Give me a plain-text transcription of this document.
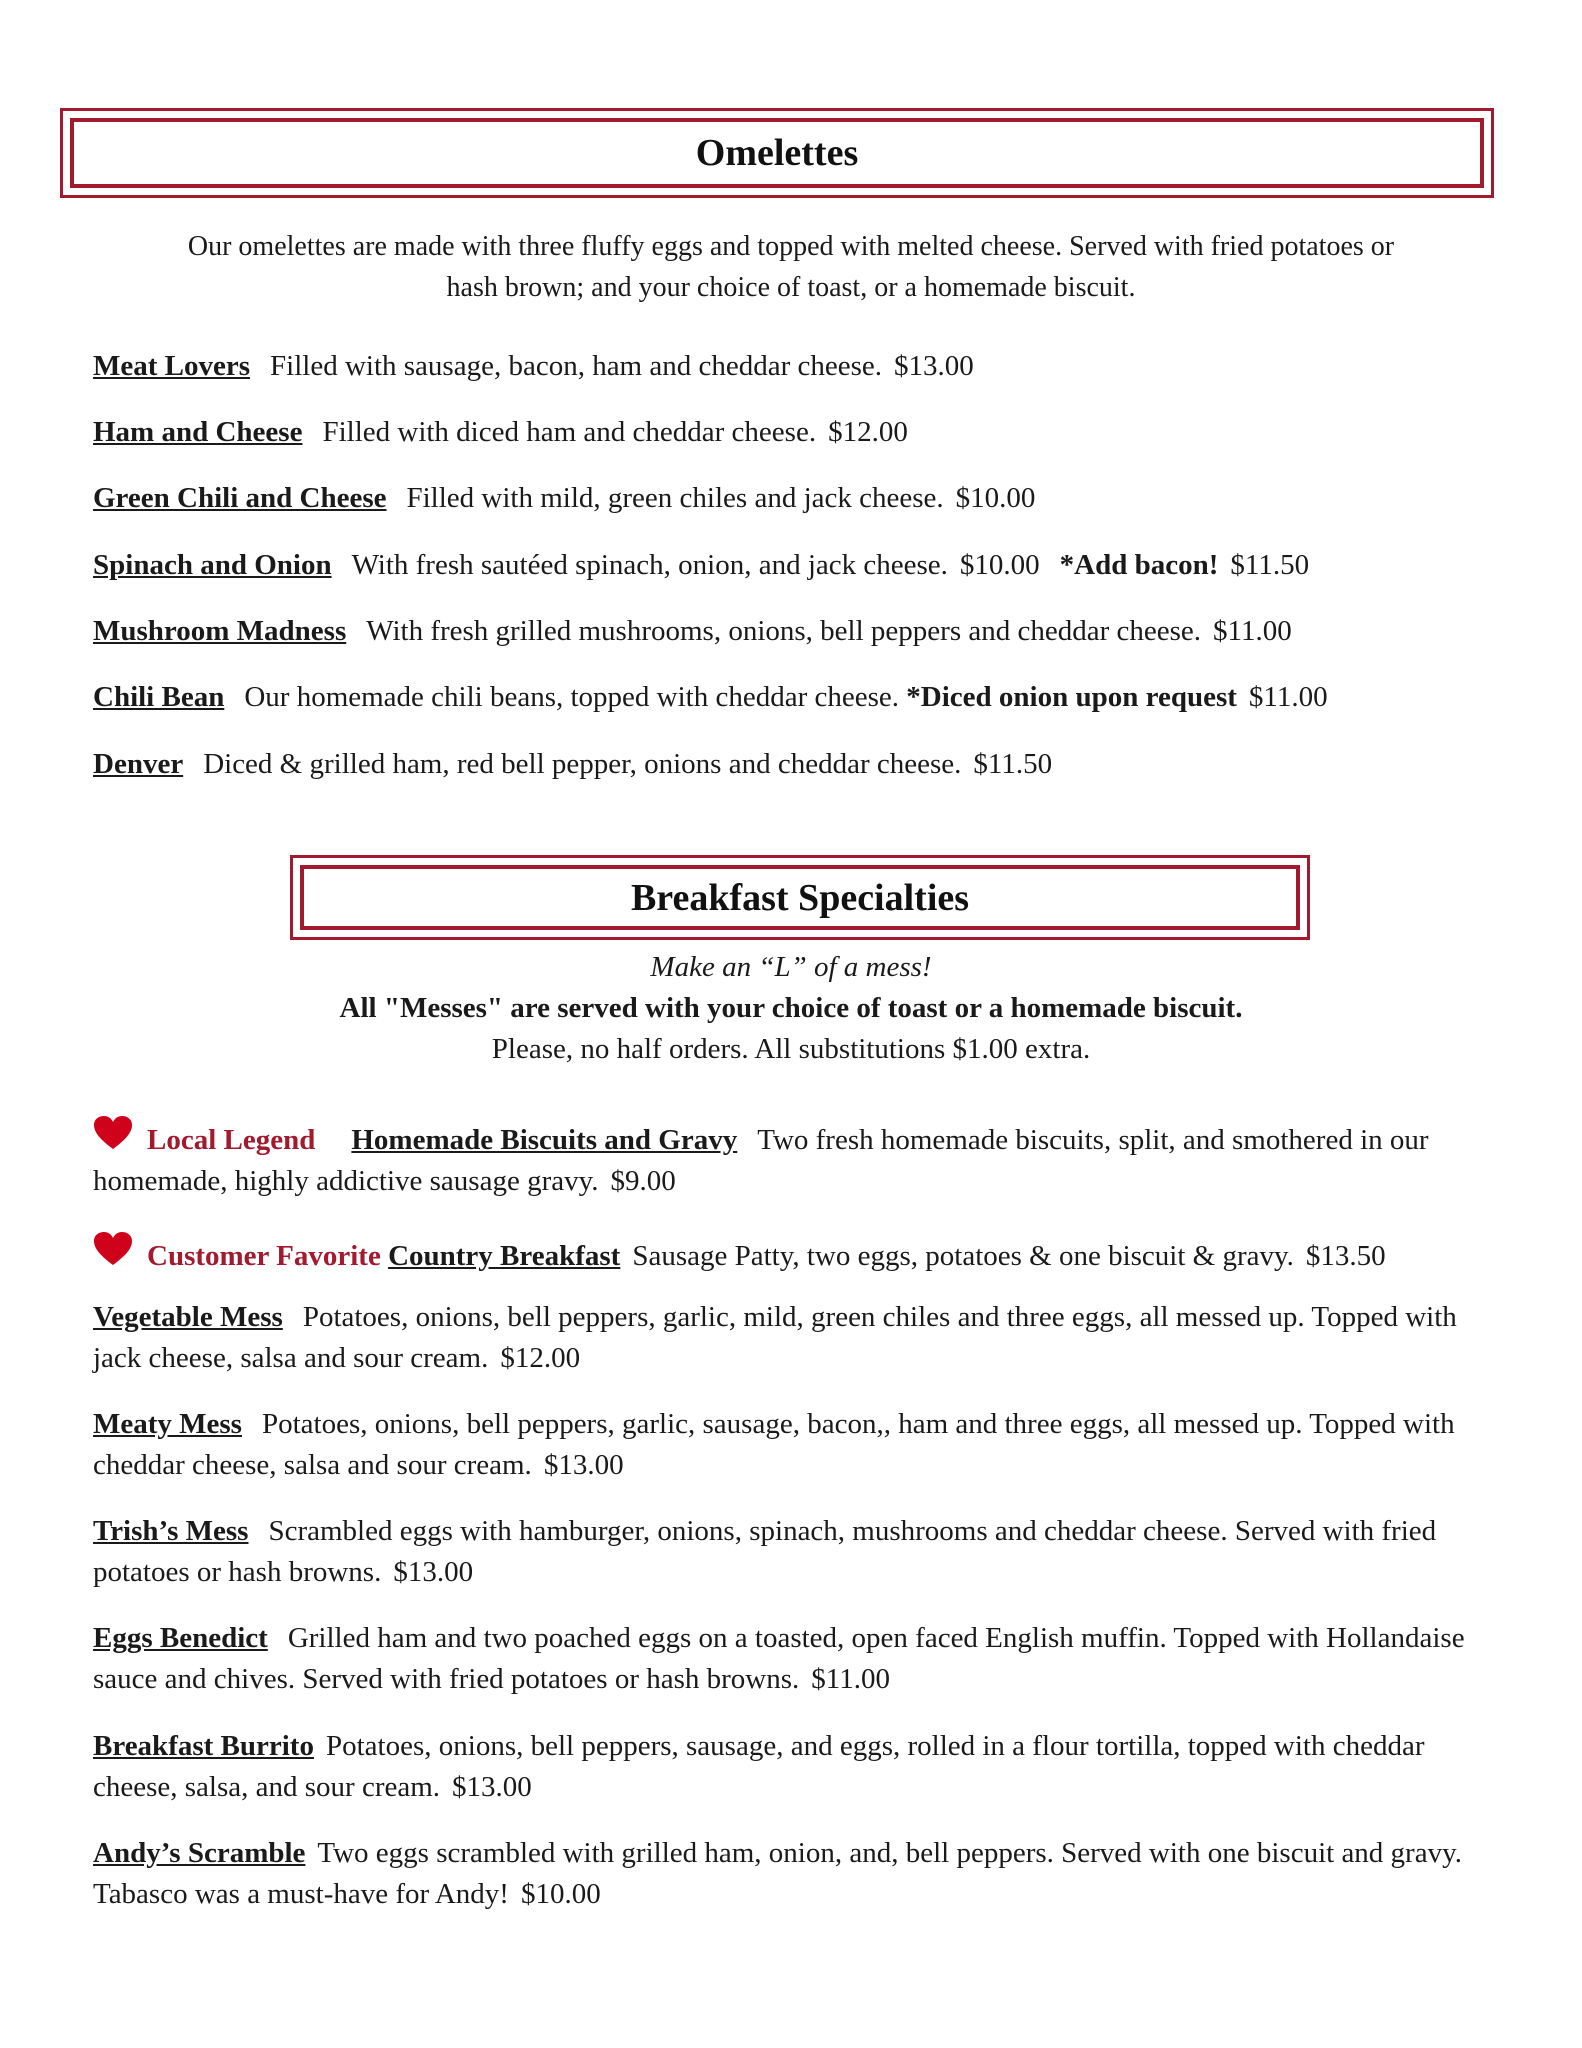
Omelettes
Our omelettes are made with three fluffy eggs and topped with melted cheese. Served with fried potatoes or
hash brown; and your choice of toast, or a homemade biscuit.
Meat Lovers Filled with sausage, bacon, ham and cheddar cheese. $13.00
Ham and Cheese Filled with diced ham and cheddar cheese. $12.00
Green Chili and Cheese Filled with mild, green chiles and jack cheese. $10.00
Spinach and Onion With fresh sautéed spinach, onion, and jack cheese. $10.00 *Add bacon! $11.50
Mushroom Madness With fresh grilled mushrooms, onions, bell peppers and cheddar cheese. $11.00
Chili Bean Our homemade chili beans, topped with cheddar cheese. *Diced onion upon request $11.00
Denver Diced & grilled ham, red bell pepper, onions and cheddar cheese. $11.50
Breakfast Specialties
Make an “L” of a mess!
All "Messes" are served with your choice of toast or a homemade biscuit.
Please, no half orders. All substitutions $1.00 extra.
Local Legend Homemade Biscuits and Gravy Two fresh homemade biscuits, split, and smothered in our homemade, highly addictive sausage gravy. $9.00
Customer Favorite Country Breakfast Sausage Patty, two eggs, potatoes & one biscuit & gravy. $13.50
Vegetable Mess Potatoes, onions, bell peppers, garlic, mild, green chiles and three eggs, all messed up. Topped with jack cheese, salsa and sour cream. $12.00
Meaty Mess Potatoes, onions, bell peppers, garlic, sausage, bacon,, ham and three eggs, all messed up. Topped with cheddar cheese, salsa and sour cream. $13.00
Trish’s Mess Scrambled eggs with hamburger, onions, spinach, mushrooms and cheddar cheese. Served with fried potatoes or hash browns. $13.00
Eggs Benedict Grilled ham and two poached eggs on a toasted, open faced English muffin. Topped with Hollandaise sauce and chives. Served with fried potatoes or hash browns. $11.00
Breakfast Burrito Potatoes, onions, bell peppers, sausage, and eggs, rolled in a flour tortilla, topped with cheddar cheese, salsa, and sour cream. $13.00
Andy’s Scramble Two eggs scrambled with grilled ham, onion, and, bell peppers. Served with one biscuit and gravy. Tabasco was a must-have for Andy! $10.00
